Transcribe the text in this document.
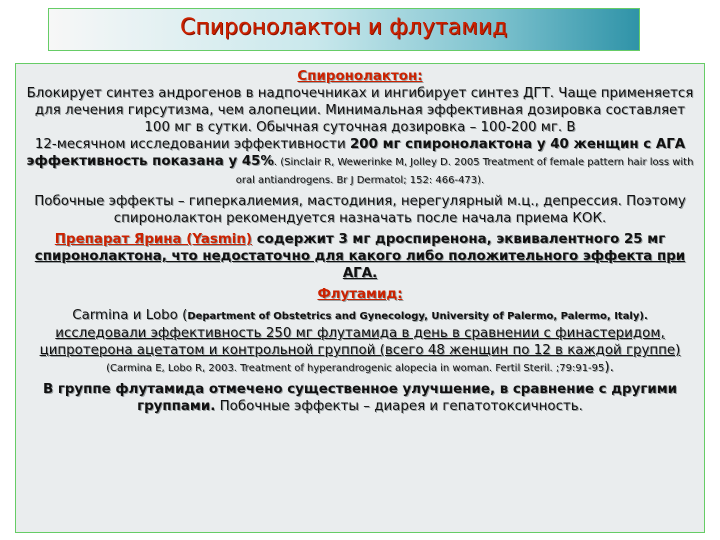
Спиронолактон и флутамид

Спиронолактон:

Блокирует синтез андрогенов в надпочечниках и ингибирует синтез ДГТ. Чаще применяется для лечения гирсутизма, чем алопеции. Минимальная эффективная дозировка составляет 100 мг в сутки. Обычная суточная дозировка – 100-200 мг. В
12-месячном исследовании эффективности 200 мг спиронолактона у 40 женщин с АГА эффективность показана у 45%. (Sinclair R, Wewerinke M, Jolley D. 2005 Treatment of female pattern hair loss with oral antiandrogens. Br J Dermatol; 152: 466-473).

Побочные эффекты – гиперкалиемия, мастодиния, нерегулярный м.ц., депрессия. Поэтому спиронолактон рекомендуется назначать после начала приема КОК.

Препарат Ярина (Yasmin) содержит 3 мг дроспиренона, эквивалентного 25 мг спиронолактона, что недостаточно для какого либо положительного эффекта при АГА.

Флутамид:

Carmina и Lobo (Department of Obstetrics and Gynecology, University of Palermo, Palermo, Italy).
исследовали эффективность 250 мг флутамида в день в сравнении с финастеридом, ципротерона ацетатом и контрольной группой (всего 48 женщин по 12 в каждой группе)
(Carmina E, Lobo R, 2003. Treatment of hyperandrogenic alopecia in woman. Fertil Steril. ;79:91-95).

В группе флутамида отмечено существенное улучшение, в сравнение с другими группами. Побочные эффекты – диарея и гепатотоксичность.
